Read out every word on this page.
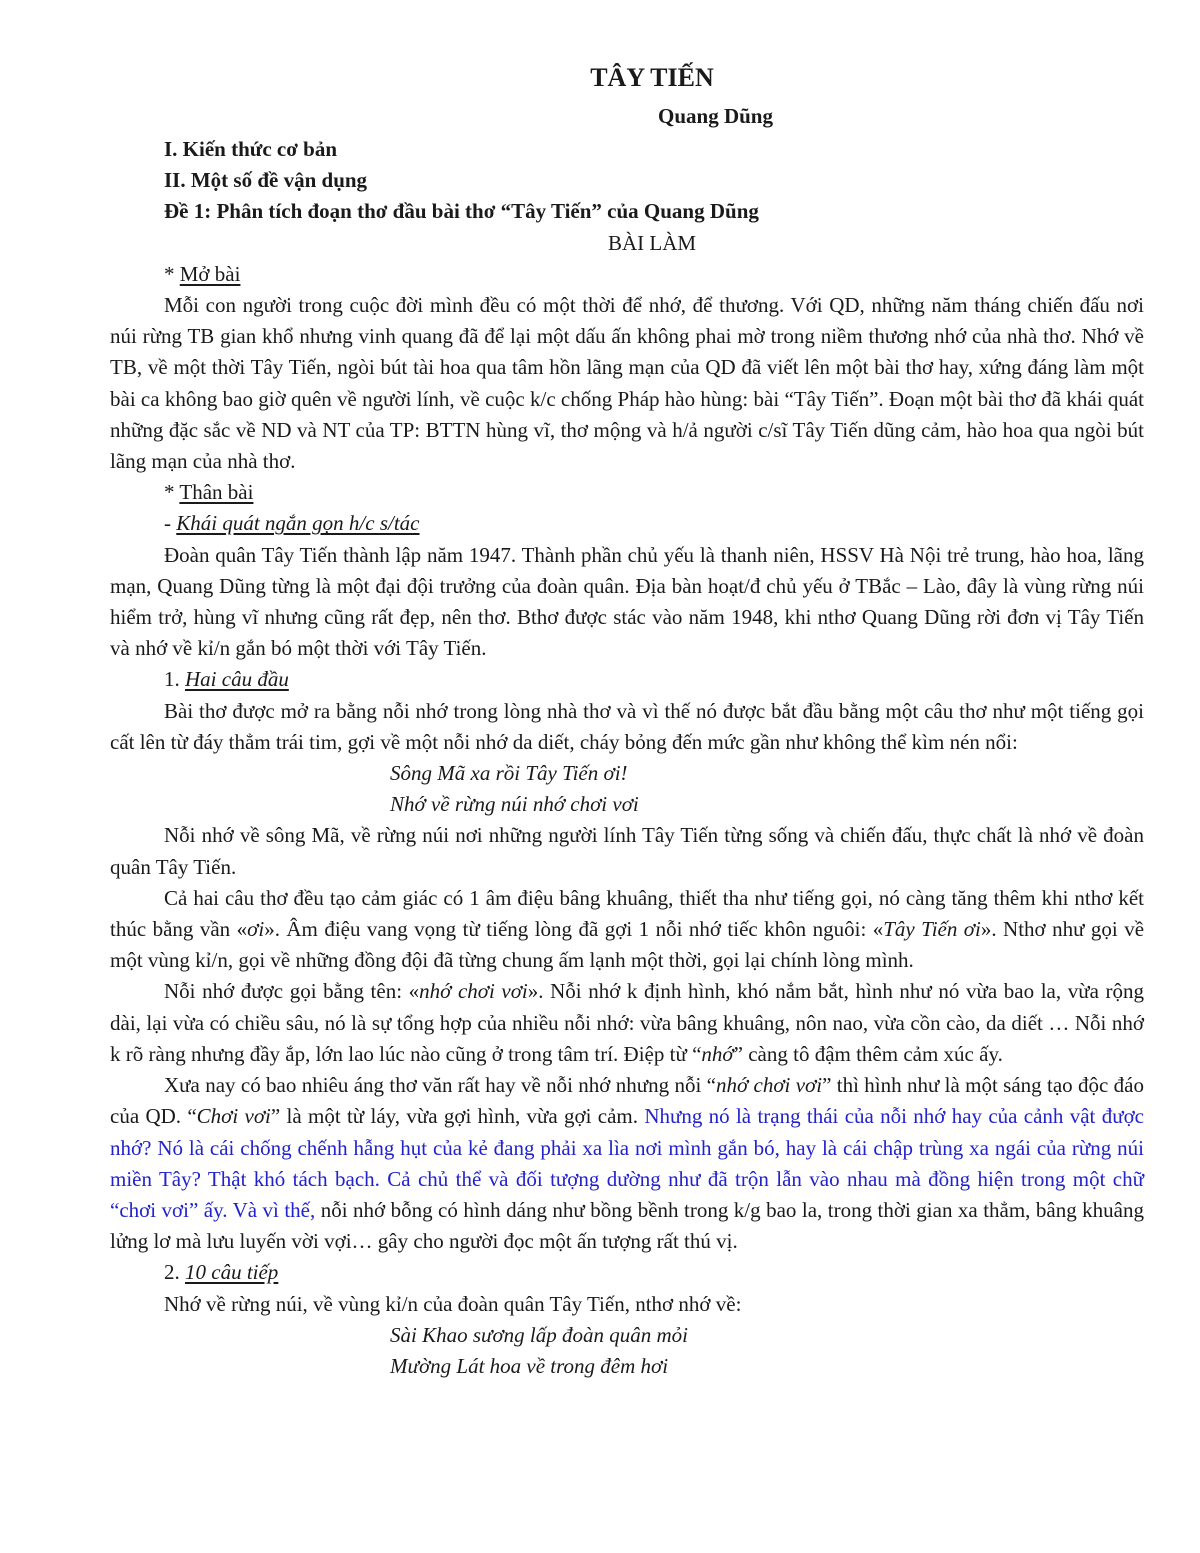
TÂY TIẾN
Quang Dũng
I. Kiến thức cơ bản
II. Một số đề vận dụng
Đề 1: Phân tích đoạn thơ đầu bài thơ “Tây Tiến” của Quang Dũng
BÀI LÀM
* Mở bài

Mỗi con người trong cuộc đời mình đều có một thời để nhớ, để thương. Với QD, những năm tháng chiến đấu nơi núi rừng TB gian khổ nhưng vinh quang đã để lại một dấu ấn không phai mờ trong niềm thương nhớ của nhà thơ. Nhớ về TB, về một thời Tây Tiến, ngòi bút tài hoa qua tâm hồn lãng mạn của QD đã viết lên một bài thơ hay, xứng đáng làm một bài ca không bao giờ quên về người lính, về cuộc k/c chống Pháp hào hùng: bài “Tây Tiến”. Đoạn một bài thơ đã khái quát những đặc sắc về ND và NT của TP: BTTN hùng vĩ, thơ mộng và h/ả người c/sĩ Tây Tiến dũng cảm, hào hoa qua ngòi bút lãng mạn của nhà thơ.

* Thân bài
- Khái quát ngắn gọn h/c s/tác

Đoàn quân Tây Tiến thành lập năm 1947. Thành phần chủ yếu là thanh niên, HSSV Hà Nội trẻ trung, hào hoa, lãng mạn, Quang Dũng từng là một đại đội trưởng của đoàn quân. Địa bàn hoạt/đ chủ yếu ở TBắc – Lào, đây là vùng rừng núi hiểm trở, hùng vĩ nhưng cũng rất đẹp, nên thơ. Bthơ được stác vào năm 1948, khi nthơ Quang Dũng rời đơn vị Tây Tiến và nhớ về kỉ/n gắn bó một thời với Tây Tiến.

1. Hai câu đầu

Bài thơ được mở ra bằng nỗi nhớ trong lòng nhà thơ và vì thế nó được bắt đầu bằng một câu thơ như một tiếng gọi cất lên từ đáy thẳm trái tim, gợi về một nỗi nhớ da diết, cháy bỏng đến mức gần như không thể kìm nén nổi:

Sông Mã xa rồi Tây Tiến ơi!
Nhớ về rừng núi nhớ chơi vơi

Nỗi nhớ về sông Mã, về rừng núi nơi những người lính Tây Tiến từng sống và chiến đấu, thực chất là nhớ về đoàn quân Tây Tiến.

Cả hai câu thơ đều tạo cảm giác có 1 âm điệu bâng khuâng, thiết tha như tiếng gọi, nó càng tăng thêm khi nthơ kết thúc bằng vần «ơi». Âm điệu vang vọng từ tiếng lòng đã gợi 1 nỗi nhớ tiếc khôn nguôi: «Tây Tiến ơi». Nthơ như gọi về một vùng kỉ/n, gọi về những đồng đội đã từng chung ấm lạnh một thời, gọi lại chính lòng mình.

Nỗi nhớ được gọi bằng tên: «nhớ chơi vơi». Nỗi nhớ k định hình, khó nắm bắt, hình như nó vừa bao la, vừa rộng dài, lại vừa có chiều sâu, nó là sự tổng hợp của nhiều nỗi nhớ: vừa bâng khuâng, nôn nao, vừa cồn cào, da diết … Nỗi nhớ k rõ ràng nhưng đầy ắp, lớn lao lúc nào cũng ở trong tâm trí. Điệp từ “nhớ” càng tô đậm thêm cảm xúc ấy.

Xưa nay có bao nhiêu áng thơ văn rất hay về nỗi nhớ nhưng nỗi “nhớ chơi vơi” thì hình như là một sáng tạo độc đáo của QD. “Chơi vơi” là một từ láy, vừa gợi hình, vừa gợi cảm. Nhưng nó là trạng thái của nỗi nhớ hay của cảnh vật được nhớ? Nó là cái chống chếnh hẫng hụt của kẻ đang phải xa lìa nơi mình gắn bó, hay là cái chập trùng xa ngái của rừng núi miền Tây? Thật khó tách bạch. Cả chủ thể và đối tượng dường như đã trộn lẫn vào nhau mà đồng hiện trong một chữ “chơi vơi” ấy. Và vì thế, nỗi nhớ bỗng có hình dáng như bồng bềnh trong k/g bao la, trong thời gian xa thẳm, bâng khuâng lửng lơ mà lưu luyến vời vợi… gây cho người đọc một ấn tượng rất thú vị.

2. 10 câu tiếp

Nhớ về rừng núi, về vùng kỉ/n của đoàn quân Tây Tiến, nthơ nhớ về:

Sài Khao sương lấp đoàn quân mỏi
Mường Lát hoa về trong đêm hơi
